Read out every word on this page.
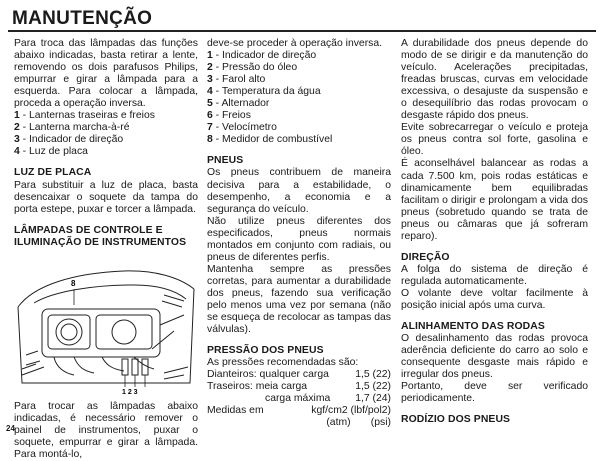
MANUTENÇÃO

Para troca das lâmpadas das funções abaixo indicadas, basta retirar a lente, removendo os dois parafusos Philips, empurrar e girar a lâmpada para a esquerda. Para colocar a lâmpada, proceda a operação inversa.

1 - Lanternas traseiras e freios
2 - Lanterna marcha-à-ré
3 - Indicador de direção
4 - Luz de placa

LUZ DE PLACA

Para substituir a luz de placa, basta desencaixar o soquete da tampa do porta estepe, puxar e torcer a lâmpada.

LÂMPADAS DE CONTROLE E ILUMINAÇÃO DE INSTRUMENTOS

8
1 2 3

Para trocar as lâmpadas abaixo indicadas, é necessário remover o painel de instrumentos, puxar o soquete, empurrar e girar a lâmpada. Para montá-lo,

deve-se proceder à operação inversa.

1 - Indicador de direção
2 - Pressão do óleo
3 - Farol alto
4 - Temperatura da água
5 - Alternador
6 - Freios
7 - Velocímetro
8 - Medidor de combustível

PNEUS

Os pneus contribuem de maneira decisiva para a estabilidade, o desempenho, a economia e a segurança do veículo.

Não utilize pneus diferentes dos especificados, pneus normais montados em conjunto com radiais, ou pneus de diferentes perfis.

Mantenha sempre as pressões corretas, para aumentar a durabilidade dos pneus, fazendo sua verificação pelo menos uma vez por semana (não se esqueça de recolocar as tampas das válvulas).

PRESSÃO DOS PNEUS

As pressões recomendadas são:

Dianteiros: qualquer carga	1,5 (22)
Traseiros: meia carga	1,5 (22)
carga máxima 1,7 (24)
Medidas em	kgf/cm2 (lbf/pol2)
(atm) (psi)

A durabilidade dos pneus depende do modo de se dirigir e da manutenção do veículo. Acelerações precipitadas, freadas bruscas, curvas em velocidade excessiva, o desajuste da suspensão e o desequilíbrio das rodas provocam o desgaste rápido dos pneus.

Evite sobrecarregar o veículo e proteja os pneus contra sol forte, gasolina e óleo.

É aconselhável balancear as rodas a cada 7.500 km, pois rodas estáticas e dinamicamente bem equilibradas facilitam o dirigir e prolongam a vida dos pneus (sobretudo quando se trata de pneus ou câmaras que já sofreram reparo).

DIREÇÃO

A folga do sistema de direção é regulada automaticamente.

O volante deve voltar facilmente à posição inicial após uma curva.

ALINHAMENTO DAS RODAS

O desalinhamento das rodas provoca aderência deficiente do carro ao solo e consequente desgaste mais rápido e irregular dos pneus.

Portanto, deve ser verificado periodicamente.

RODÍZIO DOS PNEUS

24
